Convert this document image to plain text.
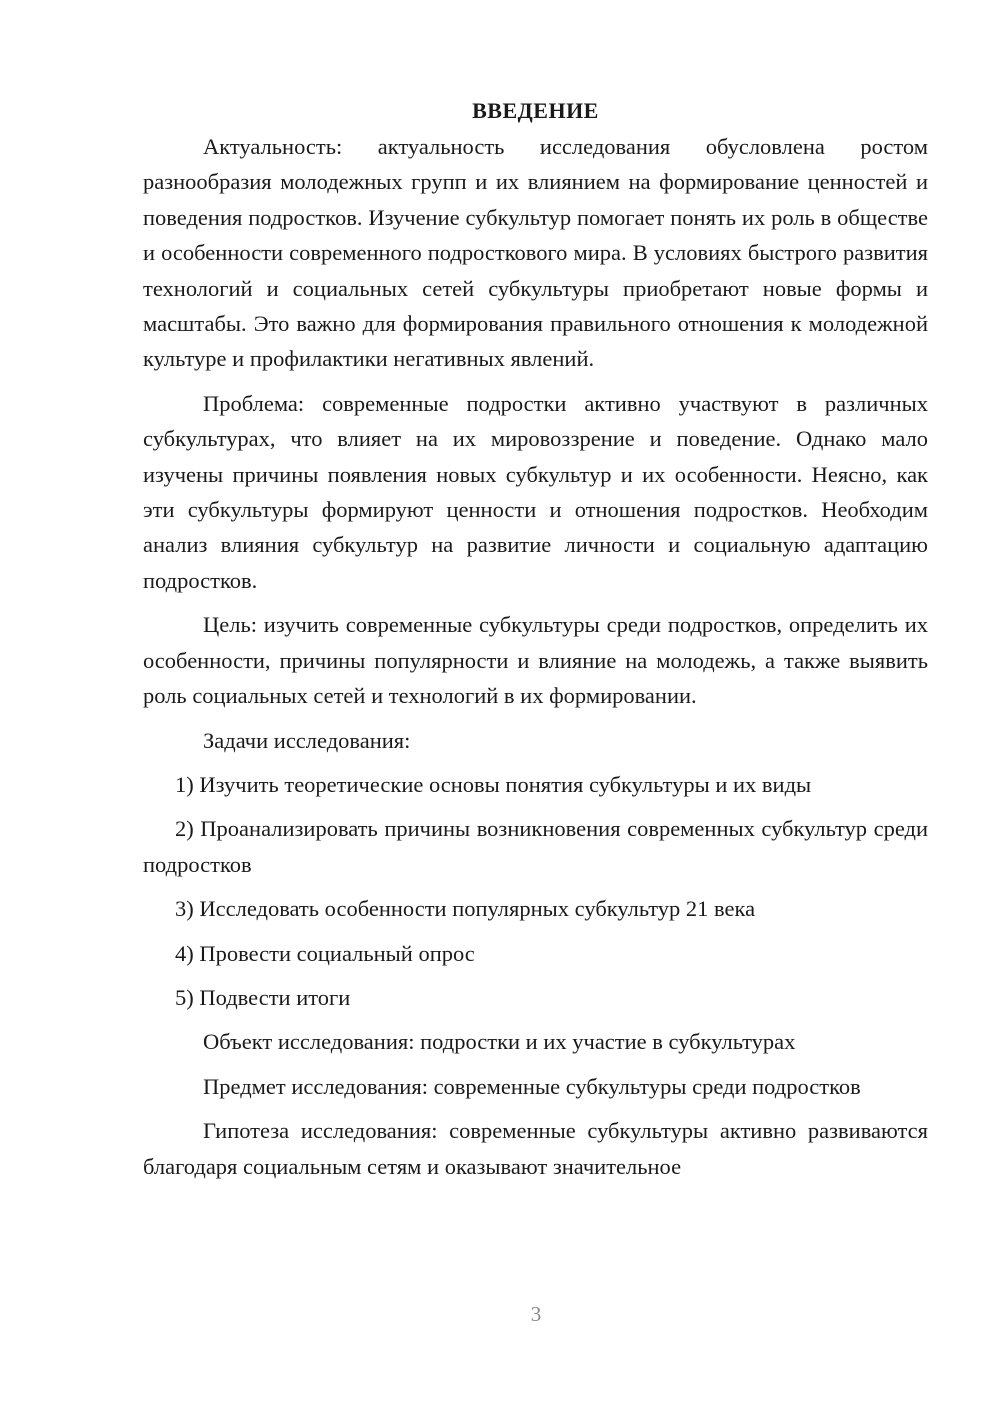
ВВЕДЕНИЕ

Актуальность: актуальность исследования обусловлена ростом разнообразия молодежных групп и их влиянием на формирование ценностей и поведения подростков. Изучение субкультур помогает понять их роль в обществе и особенности современного подросткового мира. В условиях быстрого развития технологий и социальных сетей субкультуры приобретают новые формы и масштабы. Это важно для формирования правильного отношения к молодежной культуре и профилактики негативных явлений.

Проблема: современные подростки активно участвуют в различных субкультурах, что влияет на их мировоззрение и поведение. Однако мало изучены причины появления новых субкультур и их особенности. Неясно, как эти субкультуры формируют ценности и отношения подростков. Необходим анализ влияния субкультур на развитие личности и социальную адаптацию подростков.

Цель: изучить современные субкультуры среди подростков, определить их особенности, причины популярности и влияние на молодежь, а также выявить роль социальных сетей и технологий в их формировании.

Задачи исследования:

1) Изучить теоретические основы понятия субкультуры и их виды

2) Проанализировать причины возникновения современных субкультур среди подростков

3) Исследовать особенности популярных субкультур 21 века

4) Провести социальный опрос

5) Подвести итоги

Объект исследования: подростки и их участие в субкультурах

Предмет исследования: современные субкультуры среди подростков

Гипотеза исследования: современные субкультуры активно развиваются благодаря социальным сетям и оказывают значительное

3
